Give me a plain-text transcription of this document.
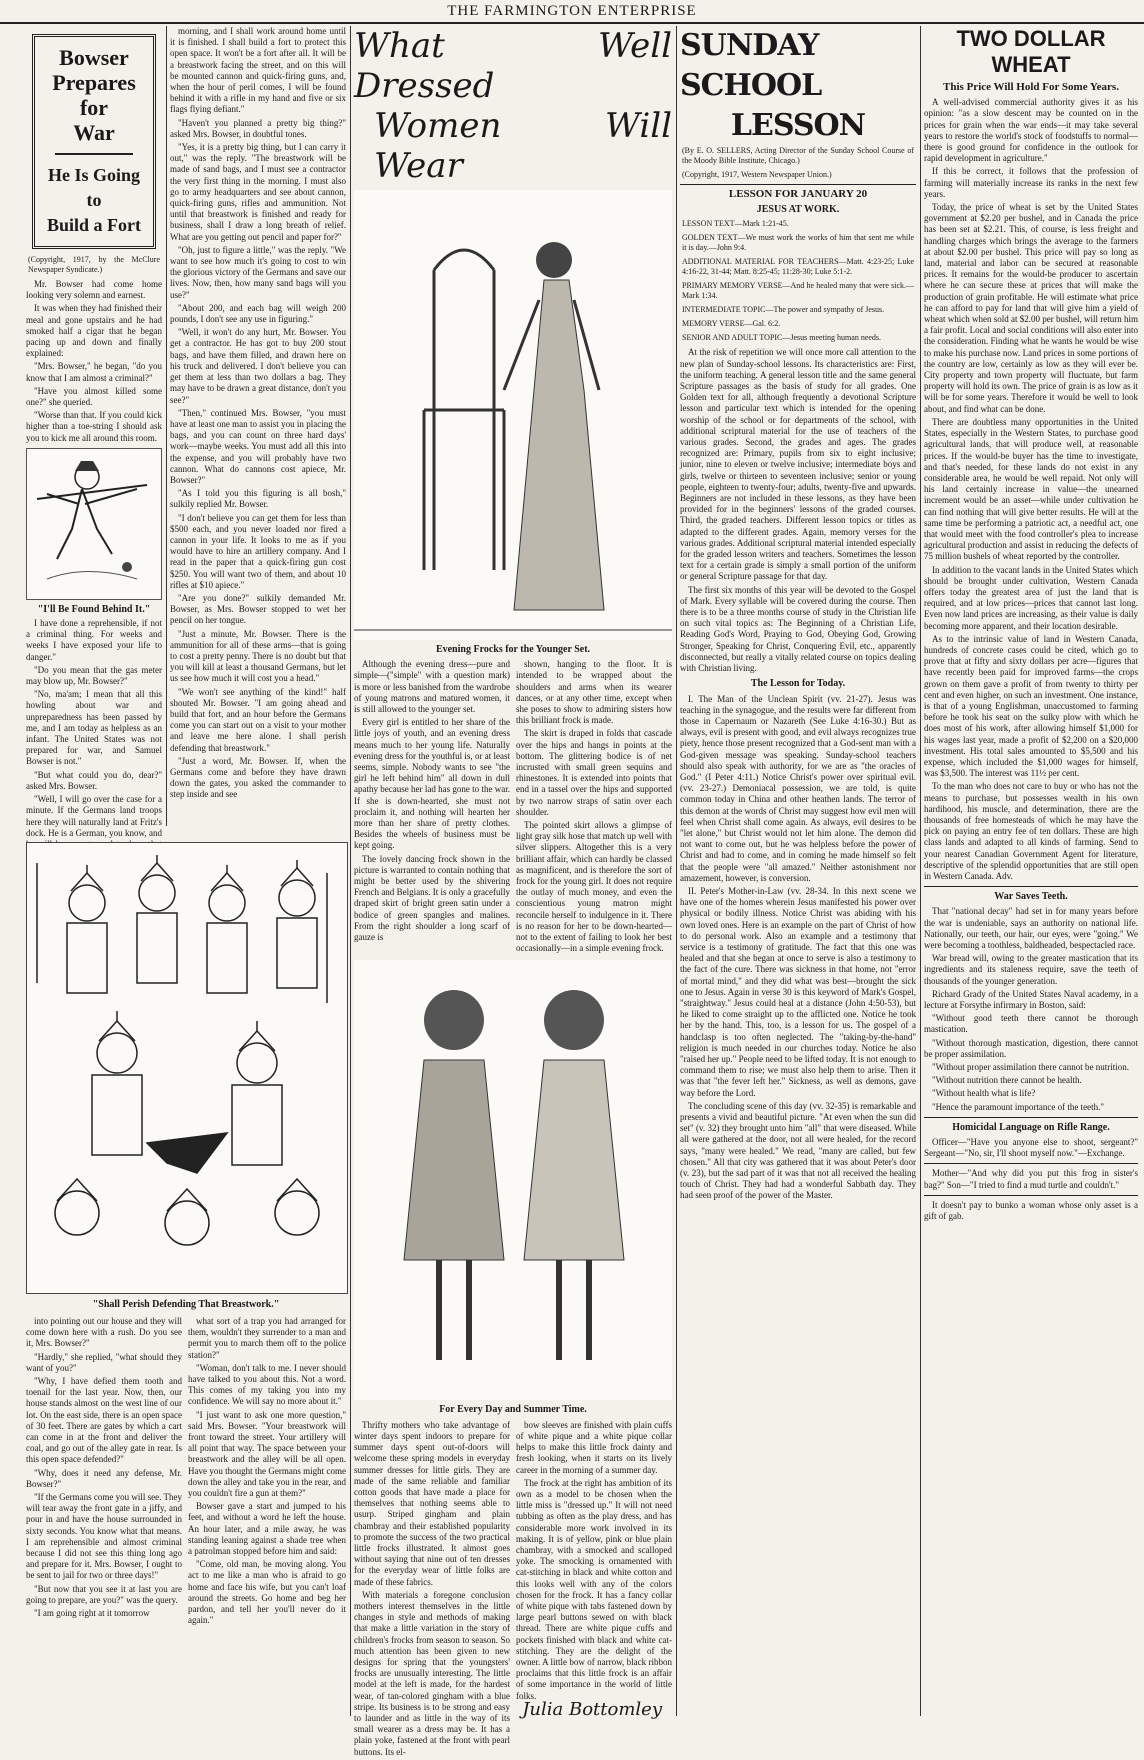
THE FARMINGTON ENTERPRISE
Bowser
Prepares for
War
He Is Going to
Build a Fort
(Copyright, 1917, by the McClure Newspaper Syndicate.)

Mr. Bowser had come home looking very solemn and earnest.

It was when they had finished their meal and gone upstairs and he had smoked half a cigar that he began pacing up and down and finally explained:

"Mrs. Bowser," he began, "do you know that I am almost a criminal?"

"Have you almost killed some one?" she queried.

"Worse than that. If you could kick higher than a toe-string I should ask you to kick me all around this room.

"I'll Be Found Behind It."

I have done a reprehensible, if not a criminal thing. For weeks and weeks I have exposed your life to danger."

"Do you mean that the gas meter may blow up, Mr. Bowser?"

"No, ma'am; I mean that all this howling about war and unpreparedness has been passed by me, and I am today as helpless as an infant. The United States was not prepared for war, and Samuel Bowser is not."

"But what could you do, dear?" asked Mrs. Bowser.

"Well, I will go over the case for a minute. If the Germans land troops here they will naturally land at Fritz's dock. He is a German, you know, and

morning, and I shall work around home until it is finished. I shall build a fort to protect this open space. It won't be a fort after all. It will be a breastwork facing the street, and on this will be mounted cannon and quick-firing guns, and, when the hour of peril comes, I will be found behind it with a rifle in my hand and five or six flags flying defiant."

"Haven't you planned a pretty big thing?" asked Mrs. Bowser, in doubtful tones.

"Yes, it is a pretty big thing, but I can carry it out," was the reply. "The breastwork will be made of sand bags, and I must see a contractor the very first thing in the morning. I must also go to army headquarters and see about cannon, quick-firing guns, rifles and ammunition. Not until that breastwork is finished and ready for business, shall I draw a long breath of relief. What are you getting out pencil and paper for?"

"Oh, just to figure a little," was the reply. "We want to see how much it's going to cost to win the glorious victory of the Germans and save our lives. Now, then, how many sand bags will you use?"

"About 200, and each bag will weigh 200 pounds, I don't see any use in figuring."

"Well, it won't do any hurt, Mr. Bowser. You get a contractor. He has got to buy 200 stout bags, and have them filled, and drawn here on his truck and delivered. I don't believe you can get them at less than two dollars a bag. They may have to be drawn a great distance, don't you see?"

"Then," continued Mrs. Bowser, "you must have at least one man to assist you in placing the bags, and you can count on three hard days' work—maybe weeks. You must add all this into the expense, and you will probably have two cannon. What do cannons cost apiece, Mr. Bowser?"

"As I told you this figuring is all bosh," sulkily replied Mr. Bowser.

"I don't believe you can get them for less than $500 each, and you never loaded nor fired a cannon in your life. It looks to me as if you would have to hire an artillery company. And I read in the paper that a quick-firing gun cost $250. You will want two of them, and about 10 rifles at $10 apiece."

"Are you done?" sulkily demanded Mr. Bowser, as Mrs. Bowser stopped to wet her pencil on her tongue.

"Just a minute, Mr. Bowser. There is the ammunition for all of these arms—that is going to cost a pretty penny. There is no doubt but that you will kill at least a thousand Germans, but let us see how much it will cost you a head."

"We won't see anything of the kind!" half shouted Mr. Bowser. "I am going ahead and build that fort, and an hour before the Germans come you can start out on a visit to your mother and leave me here alone. I shall perish defending that breastwork."

"Just a word, Mr. Bowser. If, when the Germans come and before they have drawn down the gates, you asked the commander to step inside and see

"Shall Perish Defending That Breastwork."

into pointing out our house and they will come down here with a rush. Do you see it, Mrs. Bowser?"

"Hardly," she replied, "what should they want of you?"

"Why, I have defied them tooth and toenail for the last year. Now, then, our house stands almost on the west line of our lot. On the east side, there is an open space of 30 feet. There are gates by which a cart can come in at the front and deliver the coal, and go out of the alley gate in rear. Is this open space defended?"

"Why, does it need any defense, Mr. Bowser?"

"If the Germans come you will see. They will tear away the front gate in a jiffy, and pour in and have the house surrounded in sixty seconds. You know what that means. I am reprehensible and almost criminal because I did not see this thing long ago and prepare for it. Mrs. Bowser, I ought to be sent to jail for two or three days!"

"But now that you see it at last you are going to prepare, are you?" was the query.

"I am going right at it tomorrow

what sort of a trap you had arranged for them, wouldn't they surrender to a man and permit you to march them off to the police station?"

"Woman, don't talk to me. I never should have talked to you about this. Not a word. This comes of my taking you into my confidence. We will say no more about it."

"I just want to ask one more question," said Mrs. Bowser. "Your breastwork will front toward the street. Your artillery will all point that way. The space between your breastwork and the alley will be all open. Have you thought the Germans might come down the alley and take you in the rear, and you couldn't fire a gun at them?"

Bowser gave a start and jumped to his feet, and without a word he left the house. An hour later, and a mile away, he was standing leaning against a shade tree when a patrolman stopped before him and said:

"Come, old man, be moving along. You act to me like a man who is afraid to go home and face his wife, but you can't loaf around the streets. Go home and beg her pardon, and tell her you'll never do it again."

What Well Dressed
Women Will Wear
Evening Frocks for the Younger Set.

Although the evening dress—pure and simple—("simple" with a question mark) is more or less banished from the wardrobe of young matrons and matured women, it is still allowed to the younger set.

Every girl is entitled to her share of the little joys of youth, and an evening dress means much to her young life. Naturally evening dress for the youthful is, or at least seems, simple. Nobody wants to see "the girl he left behind him" all down in dull apathy because her lad has gone to the war. If she is down-hearted, she must not proclaim it, and nothing will hearten her more than her share of pretty clothes. Besides the wheels of business must be kept going.

The lovely dancing frock shown in the picture is warranted to contain nothing that might be better used by the shivering French and Belgians. It is only a gracefully draped skirt of bright green satin under a bodice of green spangles and malines. From the right shoulder a long scarf of gauze is

shown, hanging to the floor. It is intended to be wrapped about the shoulders and arms when its wearer dances, or at any other time, except when she poses to show to admiring sisters how this brilliant frock is made.

The skirt is draped in folds that cascade over the hips and hangs in points at the bottom. The glittering bodice is of net incrusted with small green sequins and rhinestones. It is extended into points that end in a tassel over the hips and supported by two narrow straps of satin over each shoulder.

The pointed skirt allows a glimpse of light gray silk hose that match up well with silver slippers. Altogether this is a very brilliant affair, which can hardly be classed as magnificent, and is therefore the sort of frock for the young girl. It does not require the outlay of much money, and even the conscientious young matron might reconcile herself to indulgence in it. There is no reason for her to be down-hearted—not to the extent of failing to look her best occasionally—in a simple evening frock.

For Every Day and Summer Time.

Thrifty mothers who take advantage of winter days spent indoors to prepare for summer days spent out-of-doors will welcome these spring models in everyday summer dresses for little girls. They are made of the same reliable and familiar cotton goods that have made a place for themselves that nothing seems able to usurp. Striped gingham and plain chambray and their established popularity to promote the success of the two practical little frocks illustrated. It almost goes without saying that nine out of ten dresses for the everyday wear of little folks are made of these fabrics.

With materials a foregone conclusion mothers interest themselves in the little changes in style and methods of making that make a little variation in the story of children's frocks from season to season. So much attention has been given to new designs for spring that the youngsters' frocks are unusually interesting. The little model at the left is made, for the hardest wear, of tan-colored gingham with a blue stripe. Its business is to be strong and easy to launder and as little in the way of its small wearer as a dress may be. It has a plain yoke, fastened at the front with pearl buttons. Its el-

bow sleeves are finished with plain cuffs of white pique and a white pique collar helps to make this little frock dainty and fresh looking, when it starts on its lively career in the morning of a summer day.

The frock at the right has ambition of its own as a model to be chosen when the little miss is "dressed up." It will not need tubbing as often as the play dress, and has considerable more work involved in its making. It is of yellow, pink or blue plain chambray, with a smocked and scalloped yoke. The smocking is ornamented with cat-stitching in black and white cotton and this looks well with any of the colors chosen for the frock. It has a fancy collar of white pique with tabs fastened down by large pearl buttons sewed on with black thread. There are white pique cuffs and pockets finished with black and white cat-stitching. They are the delight of the owner. A little bow of narrow, black ribbon proclaims that this little frock is an affair of some importance in the world of little folks.

Julia Bottomley
SUNDAY SCHOOL
LESSON
(By E. O. SELLERS, Acting Director of the Sunday School Course of the Moody Bible Institute, Chicago.)
(Copyright, 1917, Western Newspaper Union.)
LESSON FOR JANUARY 20
JESUS AT WORK.
LESSON TEXT—Mark 1:21-45.
GOLDEN TEXT—We must work the works of him that sent me while it is day.—John 9:4.
ADDITIONAL MATERIAL FOR TEACHERS—Matt. 4:23-25; Luke 4:16-22, 31-44; Matt. 8:25-45; 11:28-30; Luke 5:1-2.
PRIMARY MEMORY VERSE—And he healed many that were sick.—Mark 1:34.
INTERMEDIATE TOPIC—The power and sympathy of Jesus.
MEMORY VERSE—Gal. 6:2.
SENIOR AND ADULT TOPIC—Jesus meeting human needs.

At the risk of repetition we will once more call attention to the new plan of Sunday-school lessons. Its characteristics are: First, the uniform teaching. A general lesson title and the same general Scripture passages as the basis of study for all grades. One Golden text for all, although frequently a devotional Scripture lesson and particular text which is intended for the opening worship of the school or for departments of the school, with additional scriptural material for the use of teachers of the various grades. Second, the grades and ages. The grades recognized are: Primary, pupils from six to eight inclusive; junior, nine to eleven or twelve inclusive; intermediate boys and girls, twelve or thirteen to seventeen inclusive; senior or young people, eighteen to twenty-four; adults, twenty-five and upwards. Beginners are not included in these lessons, as they have been provided for in the beginners' lessons of the graded courses. Third, the graded teachers. Different lesson topics or titles as adapted to the different grades. Again, memory verses for the various grades. Additional scriptural material intended especially for the graded lesson writers and teachers. Sometimes the lesson text for a certain grade is simply a small portion of the uniform or general Scripture passage for that day.

The first six months of this year will be devoted to the Gospel of Mark. Every syllable will be covered during the course. Then there is to be a three months course of study in the Christian life on such vital topics as: The Beginning of a Christian Life, Reading God's Word, Praying to God, Obeying God, Growing Stronger, Speaking for Christ, Conquering Evil, etc., apparently disconnected, but really a vitally related course on topics dealing with Christian living.

The Lesson for Today.

I. The Man of the Unclean Spirit (vv. 21-27). Jesus was teaching in the synagogue, and the results were far different from those in Capernaum or Nazareth (See Luke 4:16-30.) But as always, evil is present with good, and evil always recognizes true piety, hence those present recognized that a God-sent man with a God-given message was speaking. Sunday-school teachers should also speak with authority, for we are as "the oracles of God." (I Peter 4:11.) Notice Christ's power over spiritual evil. (vv. 23-27.) Demoniacal possession, we are told, is quite common today in China and other heathen lands. The terror of this demon at the words of Christ may suggest how evil men will feel when Christ shall come again. As always, evil desires to be "let alone," but Christ would not let him alone. The demon did not want to come out, but he was helpless before the power of Christ and had to come, and in coming he made himself so felt that the people were "all amazed." Neither astonishment nor amazement, however, is conversion.

II. Peter's Mother-in-Law (vv. 28-34. In this next scene we have one of the homes wherein Jesus manifested his power over physical or bodily illness. Notice Christ was abiding with his own loved ones. Here is an example on the part of Christ of how to do personal work. Also an example and a testimony that service is a testimony of gratitude. The fact that this one was healed and that she began at once to serve is also a testimony to the fact of the cure. There was sickness in that home, not "error of mortal mind," and they did what was best—brought the sick one to Jesus. Again in verse 30 is this keyword of Mark's Gospel, "straightway." Jesus could heal at a distance (John 4:50-53), but he liked to come straight up to the afflicted one. Notice he took her by the hand. This, too, is a lesson for us. The gospel of a handclasp is too often neglected. The "taking-by-the-hand" religion is much needed in our churches today. Notice he also "raised her up." People need to be lifted today. It is not enough to command them to rise; we must also help them to arise. Then it was that "the fever left her." Sickness, as well as demons, gave way before the Lord.

The concluding scene of this day (vv. 32-35) is remarkable and presents a vivid and beautiful picture. "At even when the sun did set" (v. 32) they brought unto him "all" that were diseased. While all were gathered at the door, not all were healed, for the record says, "many were healed." We read, "many are called, but few chosen." All that city was gathered that it was about Peter's door (v. 23), but the sad part of it was that not all received the healing touch of Christ. They had had a wonderful Sabbath day. They had seen proof of the power of the Master.

TWO DOLLAR WHEAT
This Price Will Hold For Some Years.

A well-advised commercial authority gives it as his opinion: "as a slow descent may be counted on in the prices for grain when the war ends—it may take several years to restore the world's stock of foodstuffs to normal—there is good ground for confidence in the outlook for rapid development in agriculture."

If this be correct, it follows that the profession of farming will materially increase its ranks in the next few years.

Today, the price of wheat is set by the United States government at $2.20 per bushel, and in Canada the price has been set at $2.21. This, of course, is less freight and handling charges which brings the average to the farmers at about $2.00 per bushel. This price will pay so long as land, material and labor can be secured at reasonable prices. It remains for the would-be producer to ascertain where he can secure these at prices that will make the production of grain profitable. He will estimate what price he can afford to pay for land that will give him a yield of wheat which when sold at $2.00 per bushel, will return him a fair profit. Local and social conditions will also enter into the consideration. Finding what he wants he would be wise to make his purchase now. Land prices in some portions of the country are low, certainly as low as they will ever be. City property and town property will fluctuate, but farm property will hold its own. The price of grain is as low as it will be for some years. Therefore it would be well to look about, and find what can be done.

There are doubtless many opportunities in the United States, especially in the Western States, to purchase good agricultural lands, that will produce well, at reasonable prices. If the would-be buyer has the time to investigate, and that's needed, for these lands do not exist in any considerable area, he would be well repaid. Not only will his land certainly increase in value—the unearned increment would be an asset—while under cultivation he can find nothing that will give better results. He will at the same time be performing a patriotic act, a needful act, one that would meet with the food controller's plea to increase agricultural production and assist in reducing the defects of 75 million bushels of wheat reported by the controller.

In addition to the vacant lands in the United States which should be brought under cultivation, Western Canada offers today the greatest area of just the land that is required, and at low prices—prices that cannot last long. Even now land prices are increasing, as their value is daily becoming more apparent, and their location desirable.

As to the intrinsic value of land in Western Canada, hundreds of concrete cases could be cited, which go to prove that at fifty and sixty dollars per acre—figures that have recently been paid for improved farms—the crops grown on them gave a profit of from twenty to thirty per cent and even higher, on such an investment. One instance, is that of a young Englishman, unaccustomed to farming before he took his seat on the sulky plow with which he does most of his work, after allowing himself $1,000 for his wages last year, made a profit of $2,200 on a $20,000 investment. His total sales amounted to $5,500 and his expense, which included the $1,000 wages for himself, was $3,500. The interest was 11½ per cent.

To the man who does not care to buy or who has not the means to purchase, but possesses wealth in his own hardihood, his muscle, and determination, there are the thousands of free homesteads of which he may have the pick on paying an entry fee of ten dollars. These are high class lands and adapted to all kinds of farming. Send to your nearest Canadian Government Agent for literature, descriptive of the splendid opportunities that are still open in Western Canada. Adv.

War Saves Teeth.

That "national decay" had set in for many years before the war is undeniable, says an authority on national life. Nationally, our teeth, our hair, our eyes, were "going." We were becoming a toothless, baldheaded, bespectacled race.

War bread will, owing to the greater mastication that its ingredients and its staleness require, save the teeth of thousands of the younger generation.

Richard Grady of the United States Naval academy, in a lecture at Forsythe infirmary in Boston, said:

"Without good teeth there cannot be thorough mastication.

"Without thorough mastication, digestion, there cannot be proper assimilation.

"Without proper assimilation there cannot be nutrition.

"Without nutrition there cannot be health.

"Without health what is life?

"Hence the paramount importance of the teeth."

Homicidal Language on Rifle Range.

Officer—"Have you anyone else to shoot, sergeant?" Sergeant—"No, sir, I'll shoot myself now."—Exchange.

Mother—"And why did you put this frog in sister's bag?" Son—"I tried to find a mud turtle and couldn't."

It doesn't pay to bunko a woman whose only asset is a gift of gab.
